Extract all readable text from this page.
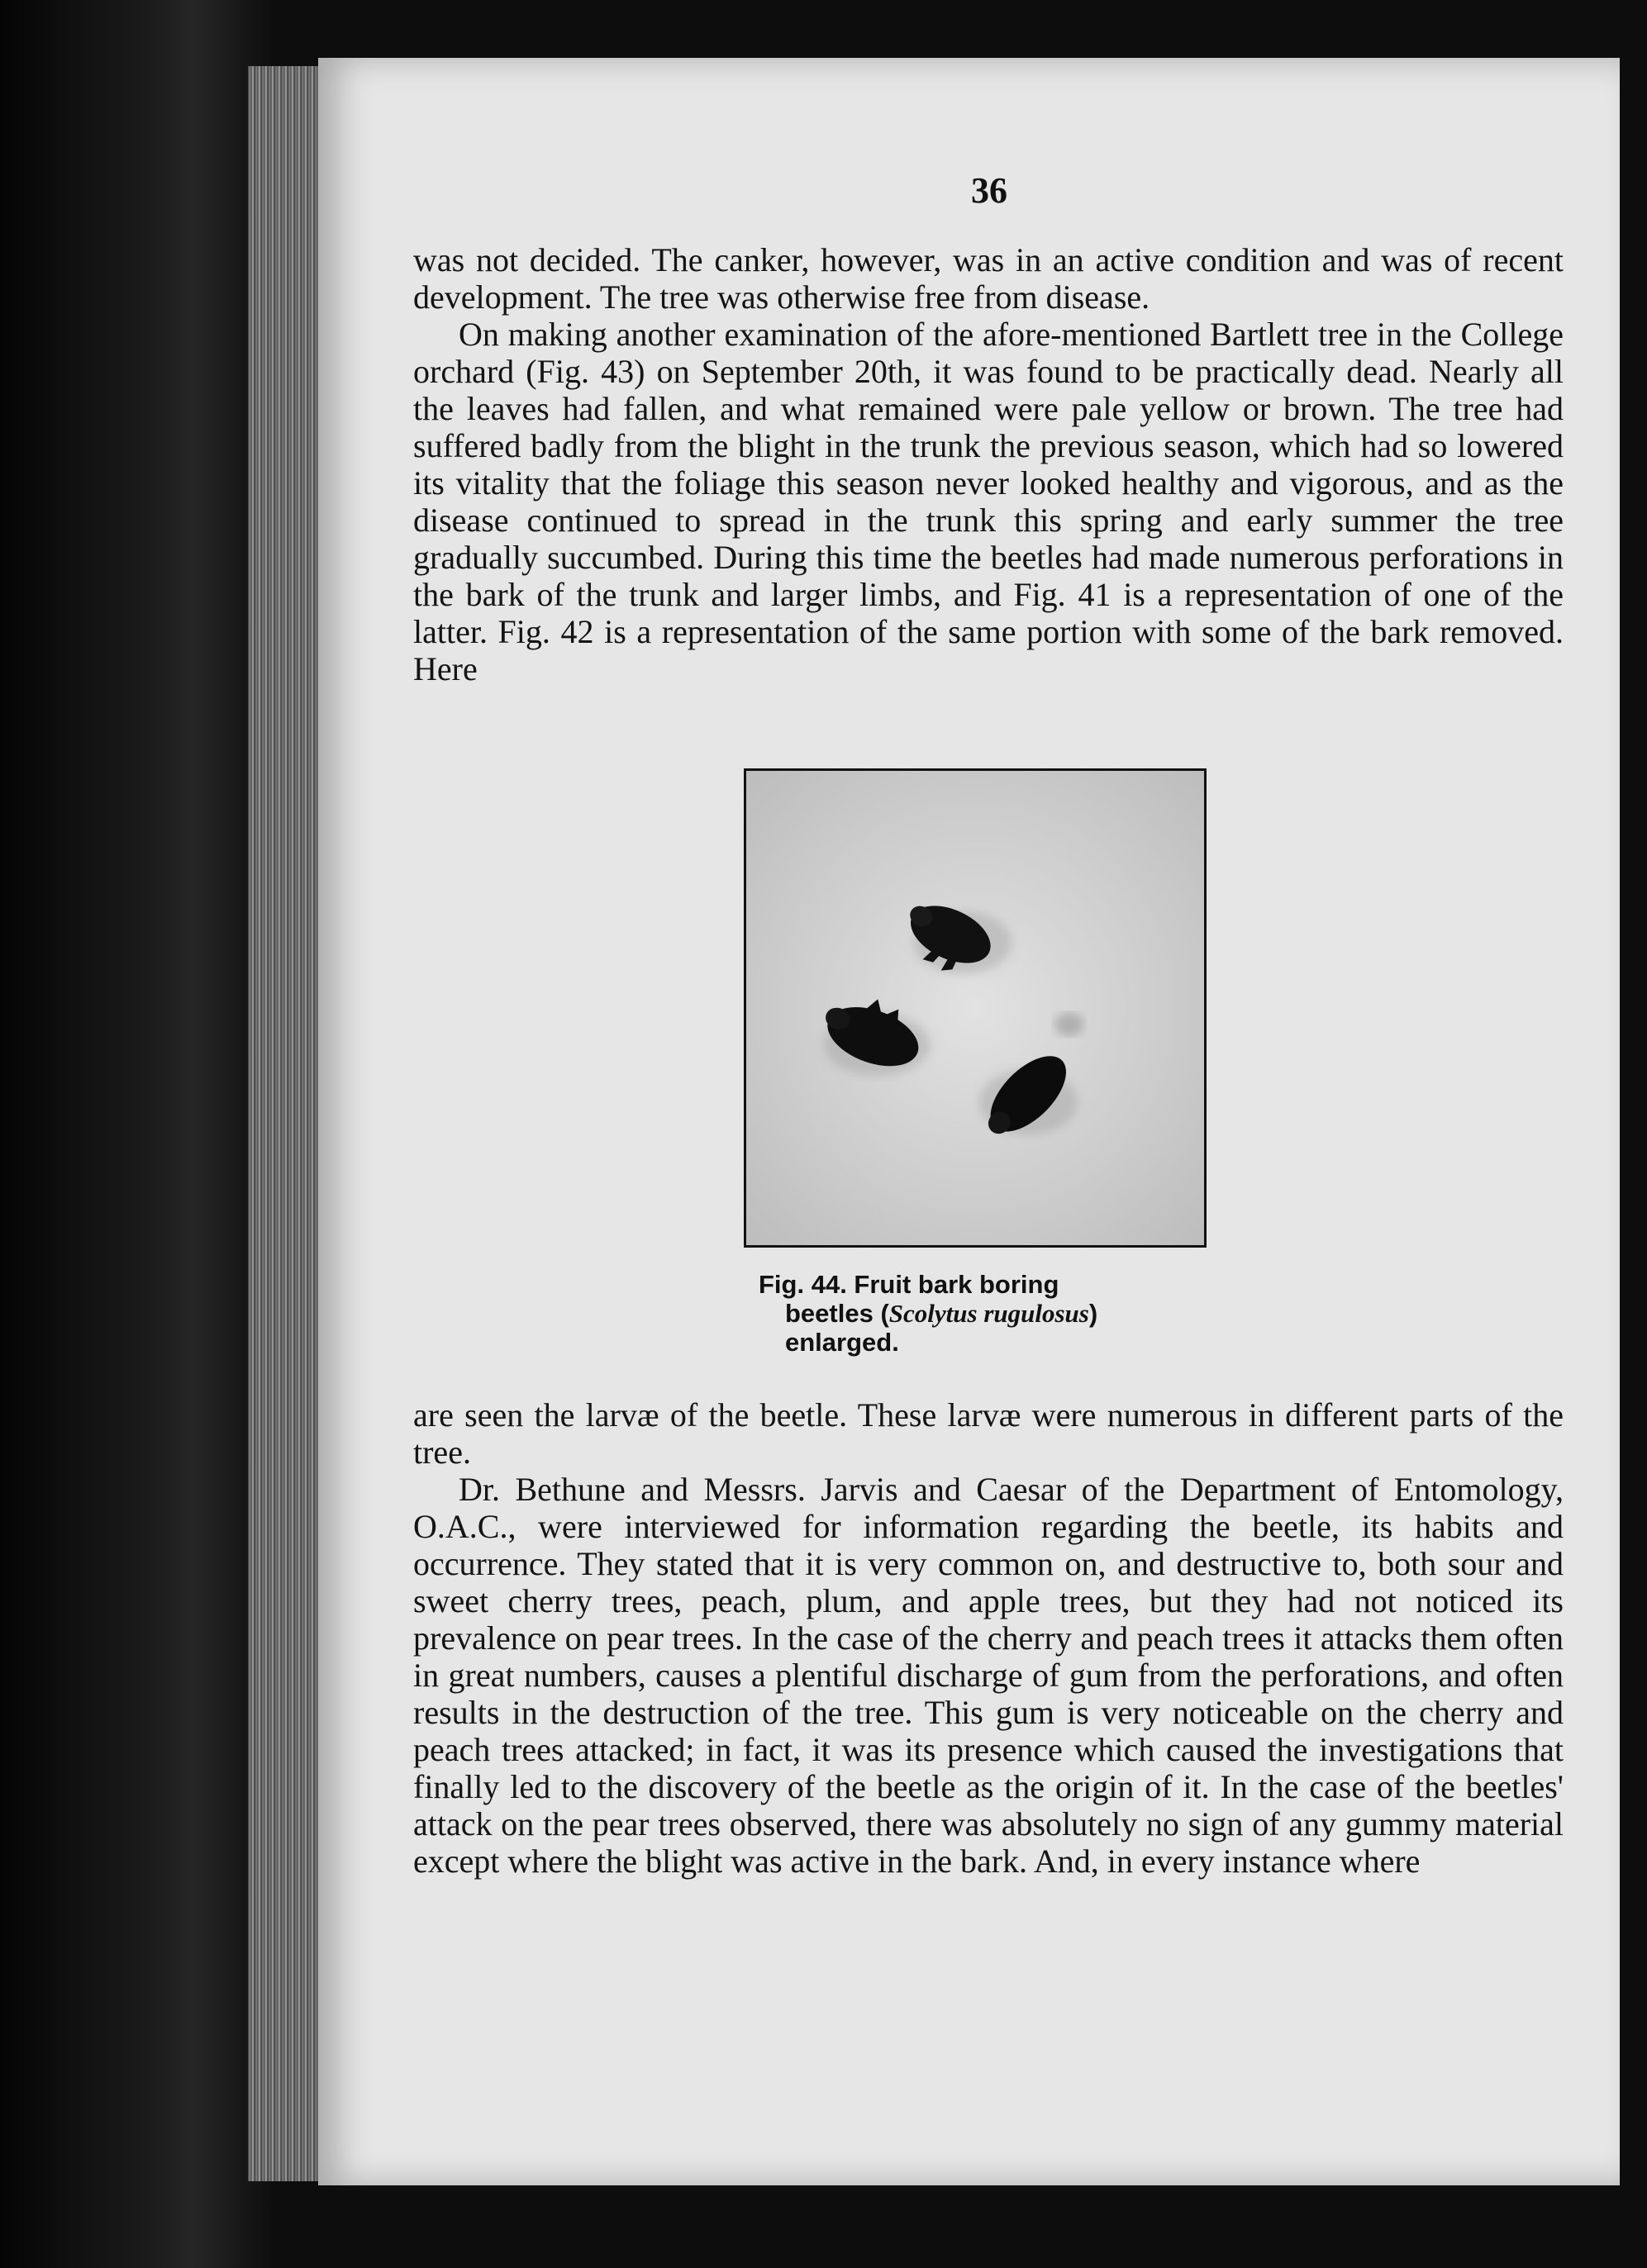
36

was not decided. The canker, however, was in an active condition and was of recent development. The tree was otherwise free from disease.

On making another examination of the afore-mentioned Bartlett tree in the College orchard (Fig. 43) on September 20th, it was found to be practically dead. Nearly all the leaves had fallen, and what remained were pale yellow or brown. The tree had suffered badly from the blight in the trunk the previous season, which had so lowered its vitality that the foliage this season never looked healthy and vigorous, and as the disease continued to spread in the trunk this spring and early summer the tree gradually succumbed. During this time the beetles had made numerous perforations in the bark of the trunk and larger limbs, and Fig. 41 is a representation of one of the latter. Fig. 42 is a representation of the same portion with some of the bark removed. Here

Fig. 44. Fruit bark boring
beetles (Scolytus rugulosus)
enlarged.

are seen the larvæ of the beetle. These larvæ were numerous in different parts of the tree.

Dr. Bethune and Messrs. Jarvis and Caesar of the Department of Entomology, O.A.C., were interviewed for information regarding the beetle, its habits and occurrence. They stated that it is very common on, and destructive to, both sour and sweet cherry trees, peach, plum, and apple trees, but they had not noticed its prevalence on pear trees. In the case of the cherry and peach trees it attacks them often in great numbers, causes a plentiful discharge of gum from the perforations, and often results in the destruction of the tree. This gum is very noticeable on the cherry and peach trees attacked; in fact, it was its presence which caused the investigations that finally led to the discovery of the beetle as the origin of it. In the case of the beetles' attack on the pear trees observed, there was absolutely no sign of any gummy material except where the blight was active in the bark. And, in every instance where
